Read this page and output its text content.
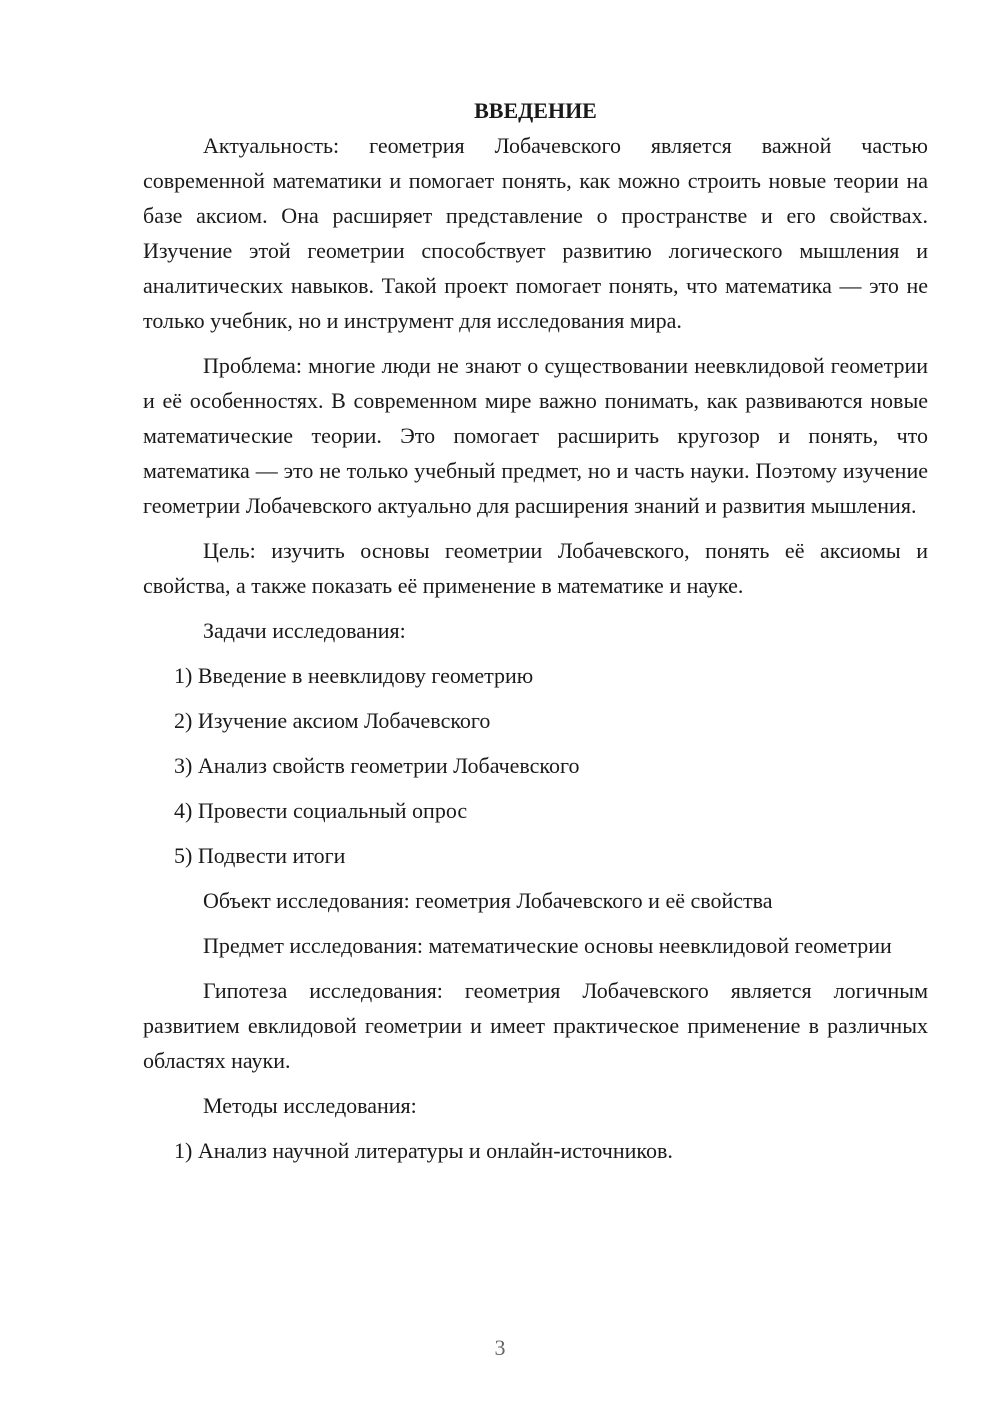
ВВЕДЕНИЕ

Актуальность: геометрия Лобачевского является важной частью современной математики и помогает понять, как можно строить новые теории на базе аксиом. Она расширяет представление о пространстве и его свойствах. Изучение этой геометрии способствует развитию логического мышления и аналитических навыков. Такой проект помогает понять, что математика — это не только учебник, но и инструмент для исследования мира.

Проблема: многие люди не знают о существовании неевклидовой геометрии и её особенностях. В современном мире важно понимать, как развиваются новые математические теории. Это помогает расширить кругозор и понять, что математика — это не только учебный предмет, но и часть науки. Поэтому изучение геометрии Лобачевского актуально для расширения знаний и развития мышления.

Цель: изучить основы геометрии Лобачевского, понять её аксиомы и свойства, а также показать её применение в математике и науке.

Задачи исследования:
1) Введение в неевклидову геометрию
2) Изучение аксиом Лобачевского
3) Анализ свойств геометрии Лобачевского
4) Провести социальный опрос
5) Подвести итоги
Объект исследования: геометрия Лобачевского и её свойства

Предмет исследования: математические основы неевклидовой геометрии

Гипотеза исследования: геометрия Лобачевского является логичным развитием евклидовой геометрии и имеет практическое применение в различных областях науки.

Методы исследования:
1) Анализ научной литературы и онлайн-источников.
3
